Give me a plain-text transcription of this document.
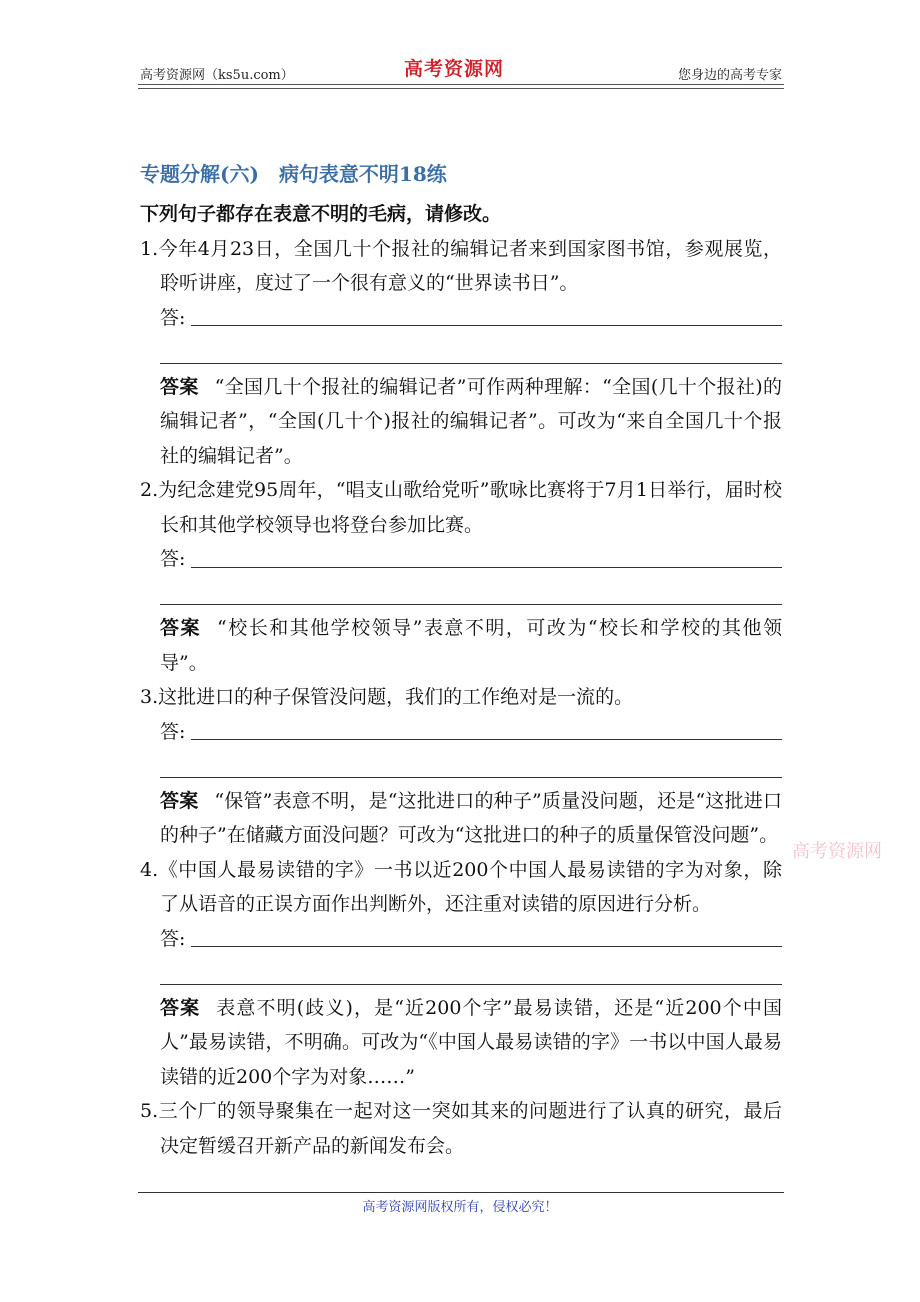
高考资源网（ks5u.com）	高考资源网	您身边的高考专家
专题分解(六) 病句表意不明18练
下列句子都存在表意不明的毛病，请修改。
1.今年4月23日，全国几十个报社的编辑记者来到国家图书馆，参观展览，聆听讲座，度过了一个很有意义的“世界读书日”。
答:
答案 “全国几十个报社的编辑记者”可作两种理解：“全国(几十个报社)的编辑记者”，“全国(几十个)报社的编辑记者”。可改为“来自全国几十个报社的编辑记者”。
2.为纪念建党95周年，“唱支山歌给党听”歌咏比赛将于7月1日举行，届时校长和其他学校领导也将登台参加比赛。
答:
答案 “校长和其他学校领导”表意不明，可改为“校长和学校的其他领导”。
3.这批进口的种子保管没问题，我们的工作绝对是一流的。
答:
答案 “保管”表意不明，是“这批进口的种子”质量没问题，还是“这批进口的种子”在储藏方面没问题？可改为“这批进口的种子的质量保管没问题”。
4.《中国人最易读错的字》一书以近200个中国人最易读错的字为对象，除了从语音的正误方面作出判断外，还注重对读错的原因进行分析。
答:
答案 表意不明(歧义)，是“近200个字”最易读错，还是“近200个中国人”最易读错，不明确。可改为“《中国人最易读错的字》一书以中国人最易读错的近200个字为对象……”
5.三个厂的领导聚集在一起对这一突如其来的问题进行了认真的研究，最后决定暂缓召开新产品的新闻发布会。
高考资源网
高考资源网版权所有，侵权必究！
